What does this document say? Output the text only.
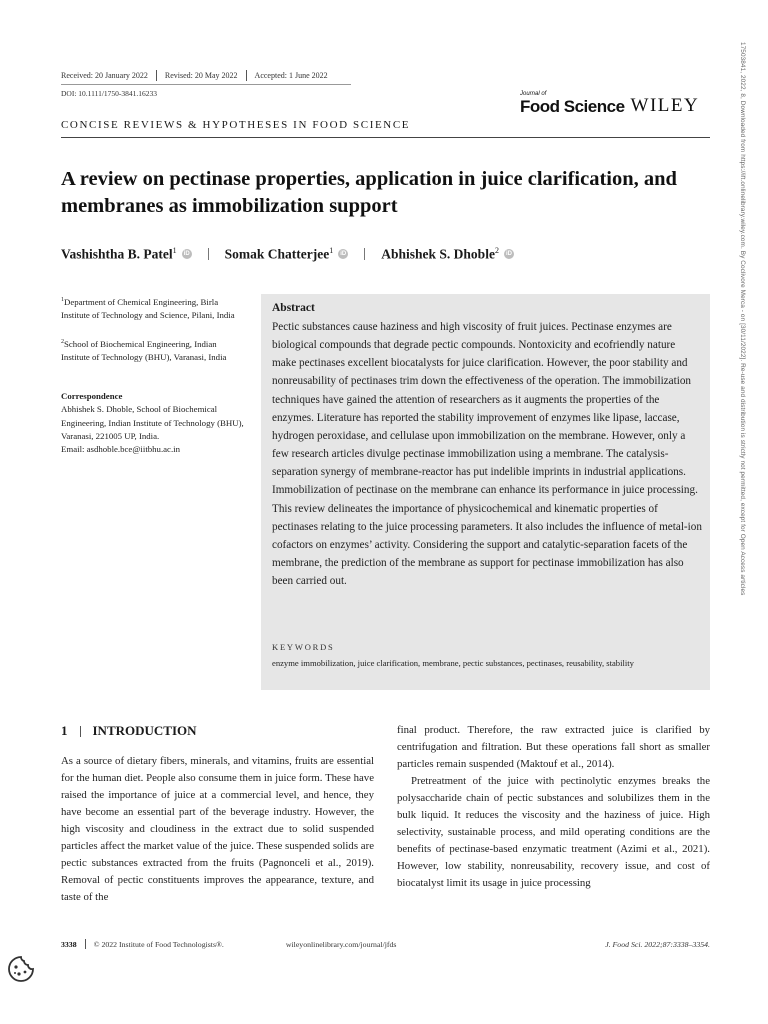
Received: 20 January 2022 Revised: 20 May 2022 Accepted: 1 June 2022
DOI: 10.1111/1750-3841.16233	Journal of
Food Science WILEY
CONCISE REVIEWS & HYPOTHESES IN FOOD SCIENCE
A review on pectinase properties, application in juice clarification, and membranes as immobilization support
Vashishtha B. Patel$^1$	iD	Somak Chatterjee$^1$	iD	Abhishek S. Dhoble$^2$	iD
$^1$Department of Chemical Engineering, Birla Institute of Technology and Science, Pilani, India
$^2$School of Biochemical Engineering, Indian Institute of Technology (BHU), Varanasi, India
Correspondence
Abhishek S. Dhoble, School of Biochemical Engineering, Indian Institute of Technology (BHU), Varanasi, 221005 UP, India.
Email: asdhoble.bce@iitbhu.ac.in
Abstract
Pectic substances cause haziness and high viscosity of fruit juices. Pectinase enzymes are biological compounds that degrade pectic compounds. Nontoxicity and ecofriendly nature make pectinases excellent biocatalysts for juice clarification. However, the poor stability and nonreusability of pectinases trim down the effectiveness of the operation. The immobilization techniques have gained the attention of researchers as it augments the properties of the enzymes. Literature has reported the stability improvement of enzymes like lipase, laccase, hydrogen peroxidase, and cellulase upon immobilization on the membrane. However, only a few research articles divulge pectinase immobilization using a membrane. The catalysis-separation synergy of membrane-reactor has put indelible imprints in industrial applications. Immobilization of pectinase on the membrane can enhance its performance in juice processing. This review delineates the importance of physicochemical and kinematic properties of pectinases relating to the juice processing parameters. It also includes the influence of metal-ion cofactors on enzymes’ activity. Considering the support and catalytic-separation facets of the membrane, the prediction of the membrane as support for pectinase immobilization has also been carried out.
KEYWORDS
enzyme immobilization, juice clarification, membrane, pectic substances, pectinases, reusability, stability
1 INTRODUCTION
As a source of dietary fibers, minerals, and vitamins, fruits are essential for the human diet. People also consume them in juice form. These have raised the importance of juice at a commercial level, and hence, they have become an essential part of the beverage industry. However, the high viscosity and cloudiness in the extract due to solid suspended particles affect the market value of the juice. These suspended solids are pectic substances extracted from the fruits (Pagnonceli et al., 2019). Removal of pectic constituents improves the appearance, texture, and taste of the
final product. Therefore, the raw extracted juice is clarified by centrifugation and filtration. But these operations fall short as smaller particles remain suspended (Maktouf et al., 2014).
Pretreatment of the juice with pectinolytic enzymes breaks the polysaccharide chain of pectic substances and solubilizes them in the bulk liquid. It reduces the viscosity and the haziness of juice. High selectivity, sustainable process, and mild operating conditions are the benefits of pectinase-based enzymatic treatment (Azimi et al., 2021). However, low stability, nonreusability, recovery issue, and cost of biocatalyst limit its usage in juice processing
3338 © 2022 Institute of Food Technologists®.	wileyonlinelibrary.com/journal/jfds	J. Food Sci. 2022;87:3338–3354.
17503841, 2022, 8, Downloaded from https://ift.onlinelibrary.wiley.com. By Coclivore Merca - on [30/11/2022]. Re-use and distribution is strictly not permitted, except for Open Access articles
